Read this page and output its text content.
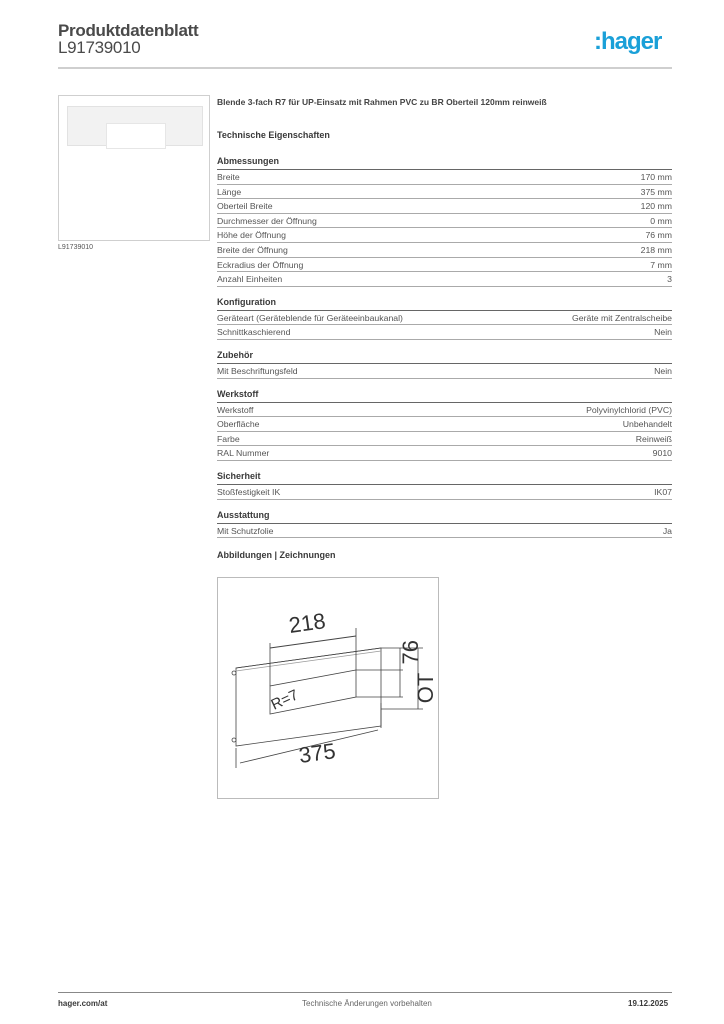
Produktdatenblatt
L91739010	:hager
L91739010
Blende 3-fach R7 für UP-Einsatz mit Rahmen PVC zu BR Oberteil 120mm reinweiß
Technische Eigenschaften
Abmessungen
Breite	170 mm
Länge	375 mm
Oberteil Breite	120 mm
Durchmesser der Öffnung	0 mm
Höhe der Öffnung	76 mm
Breite der Öffnung	218 mm
Eckradius der Öffnung	7 mm
Anzahl Einheiten	3
Konfiguration
Geräteart (Geräteblende für Geräteeinbaukanal)	Geräte mit Zentralscheibe
Schnittkaschierend	Nein
Zubehör
Mit Beschriftungsfeld	Nein
Werkstoff
Werkstoff	Polyvinylchlorid (PVC)
Oberfläche	Unbehandelt
Farbe	Reinweiß
RAL Nummer	9010
Sicherheit
Stoßfestigkeit IK	IK07
Ausstattung
Mit Schutzfolie	Ja
Abbildungen | Zeichnungen
218
375
76
OT
R=7
hager.com/at	Technische Änderungen vorbehalten	19.12.2025
